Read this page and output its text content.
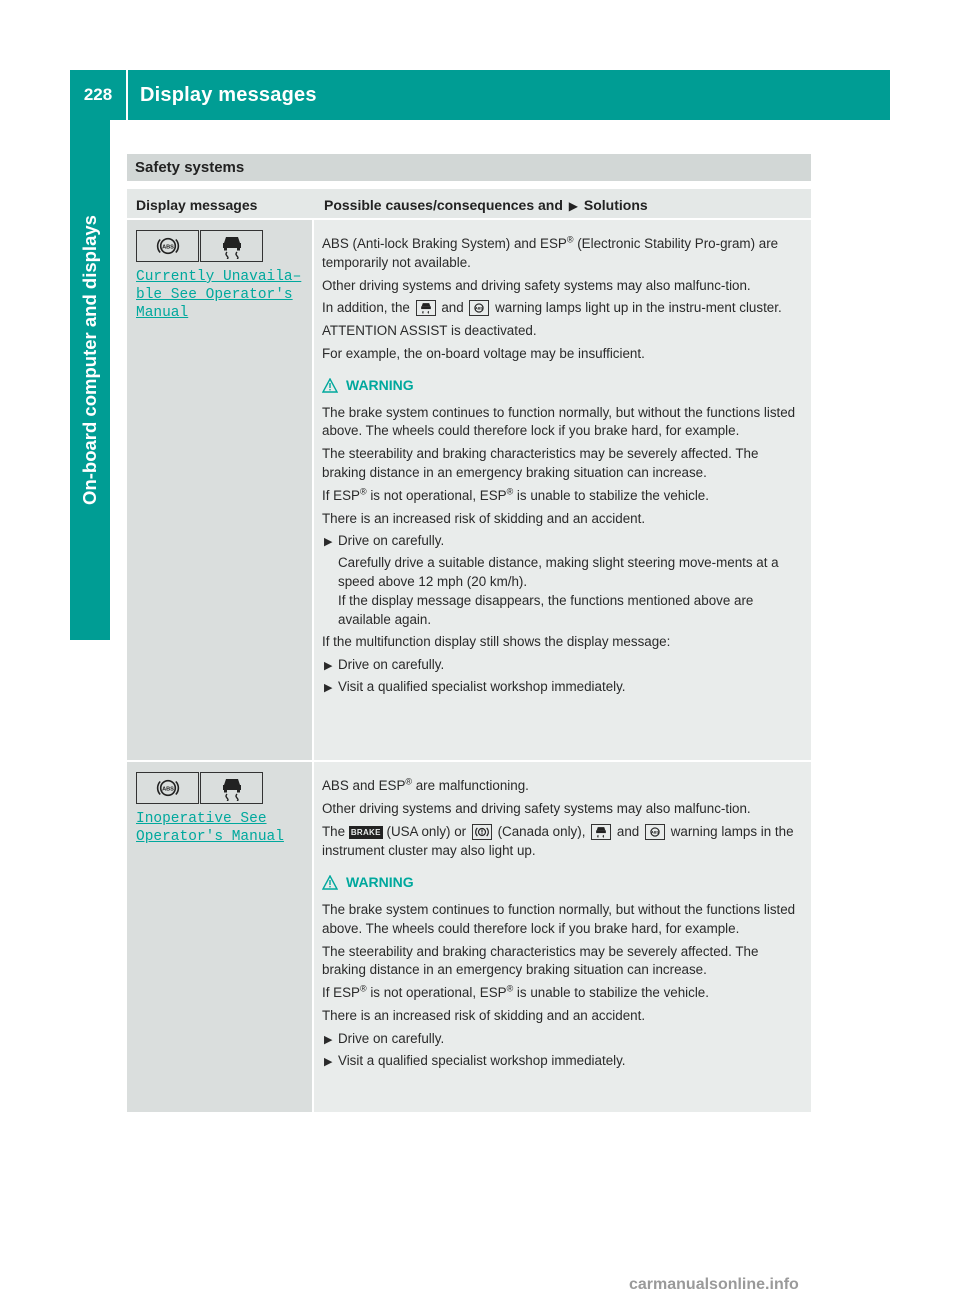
228	Display messages
On-board computer and displays
Safety systems
Display messages	Possible causes/consequences and ▶ Solutions
ABS
Currently Unavaila–
ble See Operator's
Manual
ABS (Anti-lock Braking System) and ESP® (Electronic Stability Pro-gram) are temporarily not available.
Other driving systems and driving safety systems may also malfunc-tion.
In addition, the and ABS warning lamps light up in the instru-ment cluster.
ATTENTION ASSIST is deactivated.
For example, the on-board voltage may be insufficient.
WARNING
The brake system continues to function normally, but without the functions listed above. The wheels could therefore lock if you brake hard, for example.
The steerability and braking characteristics may be severely affected. The braking distance in an emergency braking situation can increase.
If ESP® is not operational, ESP® is unable to stabilize the vehicle.
There is an increased risk of skidding and an accident.
▶ Drive on carefully.
Carefully drive a suitable distance, making slight steering move-ments at a speed above 12 mph (20 km/h).
If the display message disappears, the functions mentioned above are available again.
If the multifunction display still shows the display message:
▶ Drive on carefully.
▶ Visit a qualified specialist workshop immediately.
ABS
Inoperative See
Operator's Manual
ABS and ESP® are malfunctioning.
Other driving systems and driving safety systems may also malfunc-tion.
The BRAKE (USA only) or (Canada only), and ABS warning lamps in the instrument cluster may also light up.
WARNING
The brake system continues to function normally, but without the functions listed above. The wheels could therefore lock if you brake hard, for example.
The steerability and braking characteristics may be severely affected. The braking distance in an emergency braking situation can increase.
If ESP® is not operational, ESP® is unable to stabilize the vehicle.
There is an increased risk of skidding and an accident.
▶ Drive on carefully.
▶ Visit a qualified specialist workshop immediately.
carmanualsonline.info
